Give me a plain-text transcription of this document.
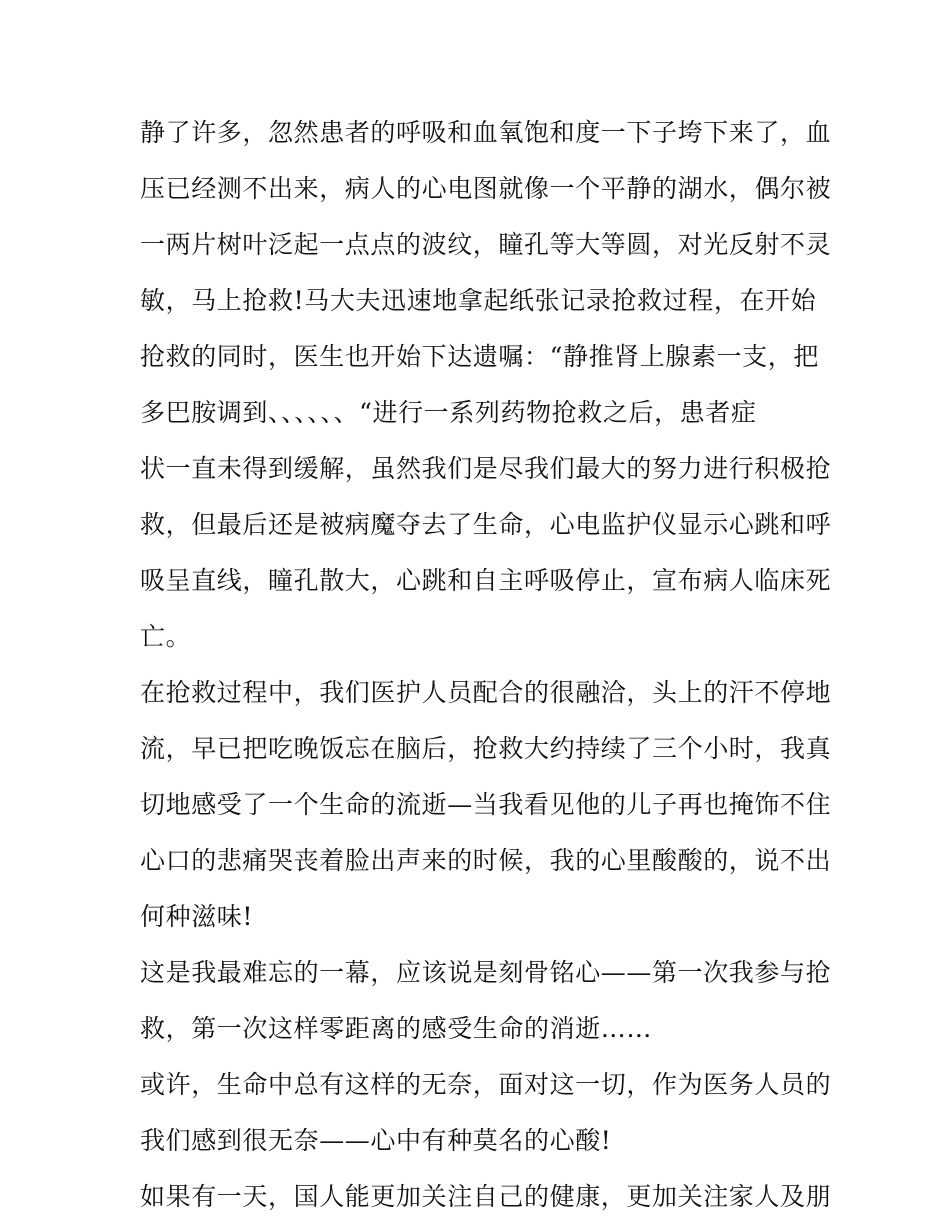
静了许多，忽然患者的呼吸和血氧饱和度一下子垮下来了，血
压已经测不出来，病人的心电图就像一个平静的湖水，偶尔被
一两片树叶泛起一点点的波纹，瞳孔等大等圆，对光反射不灵
敏，马上抢救!马大夫迅速地拿起纸张记录抢救过程，在开始
抢救的同时，医生也开始下达遗嘱：“静推肾上腺素一支，把
多巴胺调到、、、、、、“进行一系列药物抢救之后，患者症
状一直未得到缓解，虽然我们是尽我们最大的努力进行积极抢
救，但最后还是被病魔夺去了生命，心电监护仪显示心跳和呼
吸呈直线，瞳孔散大，心跳和自主呼吸停止，宣布病人临床死
亡。

在抢救过程中，我们医护人员配合的很融洽，头上的汗不停地
流，早已把吃晚饭忘在脑后，抢救大约持续了三个小时，我真
切地感受了一个生命的流逝—当我看见他的儿子再也掩饰不住
心口的悲痛哭丧着脸出声来的时候，我的心里酸酸的，说不出
何种滋味!

这是我最难忘的一幕，应该说是刻骨铭心——第一次我参与抢
救，第一次这样零距离的感受生命的消逝……

或许，生命中总有这样的无奈，面对这一切，作为医务人员的
我们感到很无奈——心中有种莫名的心酸!

如果有一天，国人能更加关注自己的健康，更加关注家人及朋
